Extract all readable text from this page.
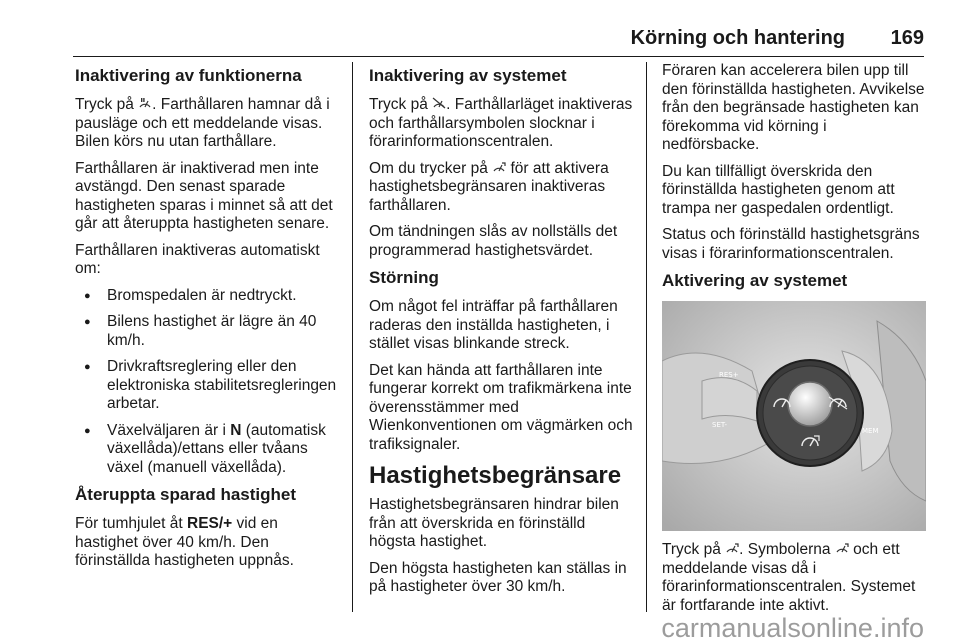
Körning och hantering 169
Inaktivering av funktionerna

Tryck på . Farthållaren hamnar då i pausläge och ett meddelande visas. Bilen körs nu utan farthållare.

Farthållaren är inaktiverad men inte avstängd. Den senast sparade hastigheten sparas i minnet så att det går att återuppta hastigheten senare.

Farthållaren inaktiveras automatiskt om:

● Bromspedalen är nedtryckt.
● Bilens hastighet är lägre än 40 km/h.
● Drivkraftsreglering eller den elektroniska stabilitetsregleringen arbetar.
● Växelväljaren är i N (automatisk växellåda)/ettans eller tvåans växel (manuell växellåda).
Återuppta sparad hastighet

För tumhjulet åt RES/+ vid en hastighet över 40 km/h. Den förinställda hastigheten uppnås.

Inaktivering av systemet

Tryck på . Farthållarläget inaktiveras och farthållarsymbolen slocknar i förarinformationscentralen.

Om du trycker på  för att aktivera hastighetsbegränsaren inaktiveras farthållaren.

Om tändningen slås av nollställs det programmerad hastighetsvärdet.

Störning

Om något fel inträffar på farthållaren raderas den inställda hastigheten, i stället visas blinkande streck.

Det kan hända att farthållaren inte fungerar korrekt om trafikmärkena inte överensstämmer med Wienkonventionen om vägmärken och trafiksignaler.

Hastighetsbegränsare

Hastighetsbegränsaren hindrar bilen från att överskrida en förinställd högsta hastighet.

Den högsta hastigheten kan ställas in på hastigheter över 30 km/h.

Föraren kan accelerera bilen upp till den förinställda hastigheten. Avvikelse från den begränsade hastigheten kan förekomma vid körning i nedförsbacke.

Du kan tillfälligt överskrida den förinställda hastigheten genom att trampa ner gaspedalen ordentligt.

Status och förinställd hastighetsgräns visas i förarinformationscentralen.

Aktivering av systemet
RES+
SET-
MEM

Tryck på . Symbolerna  och ett meddelande visas då i förarinformationscentralen. Systemet är fortfarande inte aktivt.

carmanualsonline.info
